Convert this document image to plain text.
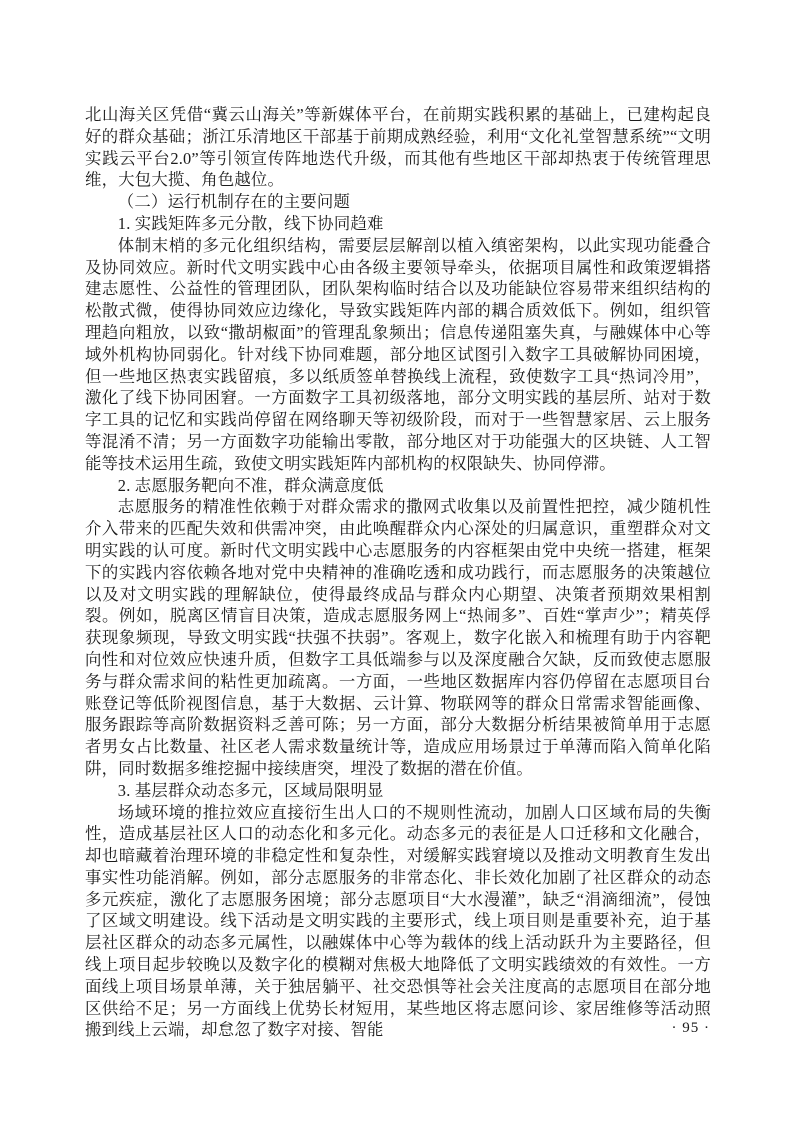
北山海关区凭借“冀云山海关”等新媒体平台，在前期实践积累的基础上，已建构起良好的群众基础；浙江乐清地区干部基于前期成熟经验，利用“文化礼堂智慧系统”“文明实践云平台2.0”等引领宣传阵地迭代升级，而其他有些地区干部却热衷于传统管理思维，大包大揽、角色越位。

（二）运行机制存在的主要问题

1. 实践矩阵多元分散，线下协同趋难

体制末梢的多元化组织结构，需要层层解剖以植入缜密架构，以此实现功能叠合及协同效应。新时代文明实践中心由各级主要领导牵头，依据项目属性和政策逻辑搭建志愿性、公益性的管理团队，团队架构临时结合以及功能缺位容易带来组织结构的松散式微，使得协同效应边缘化，导致实践矩阵内部的耦合质效低下。例如，组织管理趋向粗放，以致“撒胡椒面”的管理乱象频出；信息传递阻塞失真，与融媒体中心等域外机构协同弱化。针对线下协同难题，部分地区试图引入数字工具破解协同困境，但一些地区热衷实践留痕，多以纸质签单替换线上流程，致使数字工具“热词冷用”，激化了线下协同困窘。一方面数字工具初级落地，部分文明实践的基层所、站对于数字工具的记忆和实践尚停留在网络聊天等初级阶段，而对于一些智慧家居、云上服务等混淆不清；另一方面数字功能输出零散，部分地区对于功能强大的区块链、人工智能等技术运用生疏，致使文明实践矩阵内部机构的权限缺失、协同停滞。

2. 志愿服务靶向不准，群众满意度低

志愿服务的精准性依赖于对群众需求的撒网式收集以及前置性把控，减少随机性介入带来的匹配失效和供需冲突，由此唤醒群众内心深处的归属意识，重塑群众对文明实践的认可度。新时代文明实践中心志愿服务的内容框架由党中央统一搭建，框架下的实践内容依赖各地对党中央精神的准确吃透和成功践行，而志愿服务的决策越位以及对文明实践的理解缺位，使得最终成品与群众内心期望、决策者预期效果相割裂。例如，脱离区情盲目决策，造成志愿服务网上“热闹多”、百姓“掌声少”；精英俘获现象频现，导致文明实践“扶强不扶弱”。客观上，数字化嵌入和梳理有助于内容靶向性和对位效应快速升质，但数字工具低端参与以及深度融合欠缺，反而致使志愿服务与群众需求间的粘性更加疏离。一方面，一些地区数据库内容仍停留在志愿项目台账登记等低阶视图信息，基于大数据、云计算、物联网等的群众日常需求智能画像、服务跟踪等高阶数据资料乏善可陈；另一方面，部分大数据分析结果被简单用于志愿者男女占比数量、社区老人需求数量统计等，造成应用场景过于单薄而陷入简单化陷阱，同时数据多维挖掘中接续唐突，埋没了数据的潜在价值。

3. 基层群众动态多元，区域局限明显

场域环境的推拉效应直接衍生出人口的不规则性流动，加剧人口区域布局的失衡性，造成基层社区人口的动态化和多元化。动态多元的表征是人口迁移和文化融合，却也暗藏着治理环境的非稳定性和复杂性，对缓解实践窘境以及推动文明教育生发出事实性功能消解。例如，部分志愿服务的非常态化、非长效化加剧了社区群众的动态多元疾症，激化了志愿服务困境；部分志愿项目“大水漫灌”，缺乏“涓滴细流”，侵蚀了区域文明建设。线下活动是文明实践的主要形式，线上项目则是重要补充，迫于基层社区群众的动态多元属性，以融媒体中心等为载体的线上活动跃升为主要路径，但线上项目起步较晚以及数字化的模糊对焦极大地降低了文明实践绩效的有效性。一方面线上项目场景单薄，关于独居躺平、社交恐惧等社会关注度高的志愿项目在部分地区供给不足；另一方面线上优势长材短用，某些地区将志愿问诊、家居维修等活动照搬到线上云端，却怠忽了数字对接、智能	· 95 ·
